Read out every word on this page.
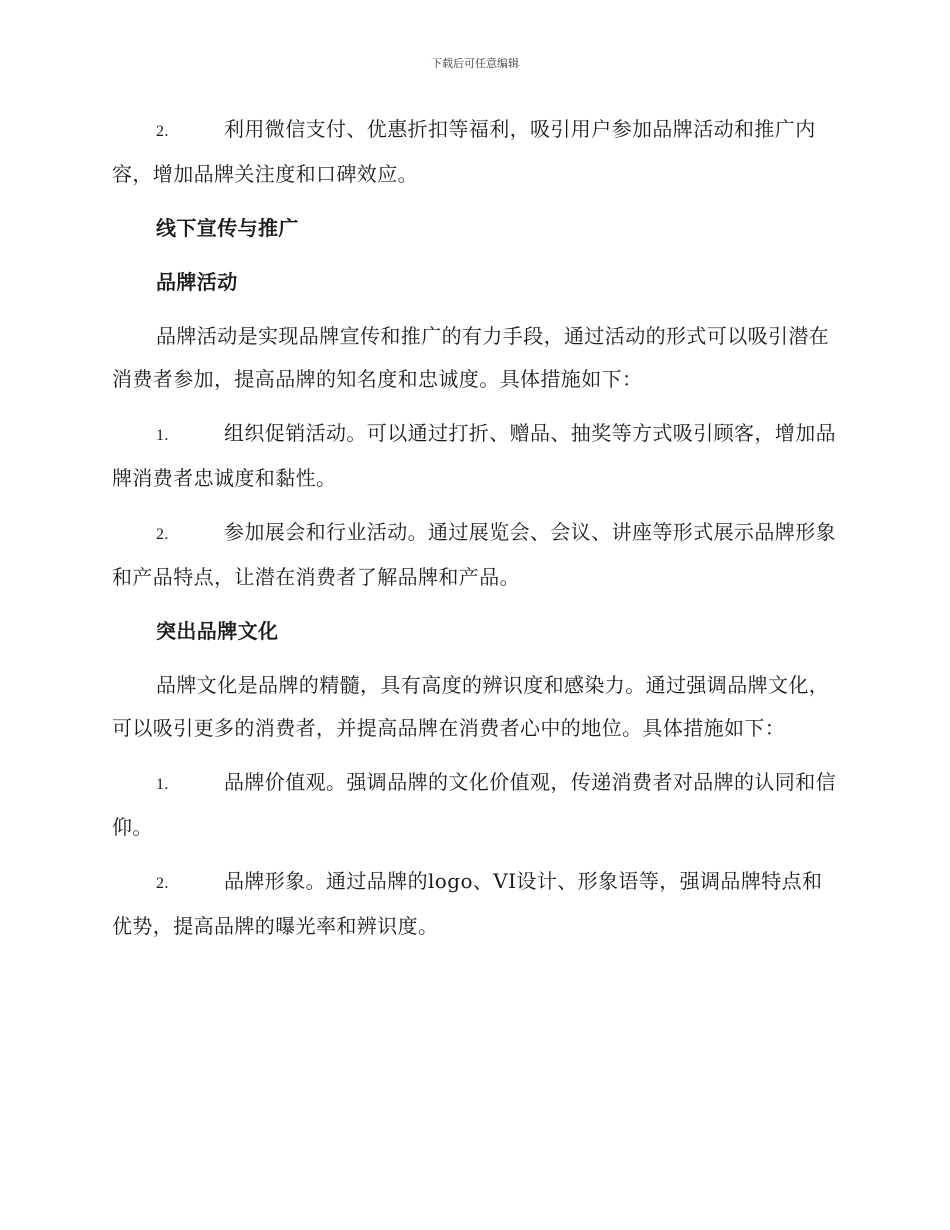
下载后可任意编辑

2.	利用微信支付、优惠折扣等福利，吸引用户参加品牌活动和推广内容，增加品牌关注度和口碑效应。

线下宣传与推广
品牌活动

品牌活动是实现品牌宣传和推广的有力手段，通过活动的形式可以吸引潜在消费者参加，提高品牌的知名度和忠诚度。具体措施如下：

1.	组织促销活动。可以通过打折、赠品、抽奖等方式吸引顾客，增加品牌消费者忠诚度和黏性。

2.	参加展会和行业活动。通过展览会、会议、讲座等形式展示品牌形象和产品特点，让潜在消费者了解品牌和产品。

突出品牌文化

品牌文化是品牌的精髓，具有高度的辨识度和感染力。通过强调品牌文化，可以吸引更多的消费者，并提高品牌在消费者心中的地位。具体措施如下：

1.	品牌价值观。强调品牌的文化价值观，传递消费者对品牌的认同和信仰。

2.	品牌形象。通过品牌的logo、VI设计、形象语等，强调品牌特点和优势，提高品牌的曝光率和辨识度。
